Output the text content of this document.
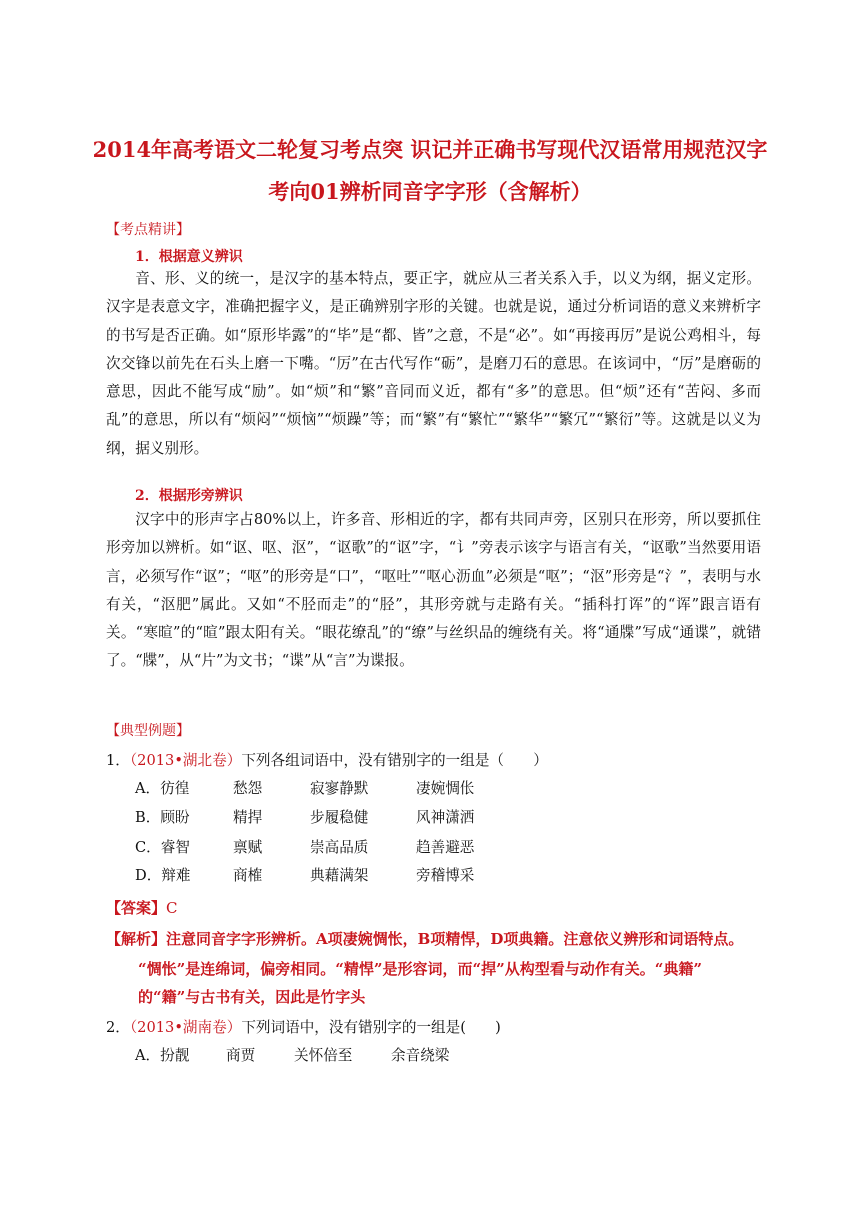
2014年高考语文二轮复习考点突 识记并正确书写现代汉语常用规范汉字
考向01辨析同音字字形（含解析）
【考点精讲】
1．根据意义辨识

音、形、义的统一，是汉字的基本特点，要正字，就应从三者关系入手，以义为纲，据义定形。汉字是表意文字，准确把握字义，是正确辨别字形的关键。也就是说，通过分析词语的意义来辨析字的书写是否正确。如“原形毕露”的“毕”是“都、皆”之意，不是“必”。如“再接再厉”是说公鸡相斗，每次交锋以前先在石头上磨一下嘴。“厉”在古代写作“砺”，是磨刀石的意思。在该词中，“厉”是磨砺的意思，因此不能写成“励”。如“烦”和“繁”音同而义近，都有“多”的意思。但“烦”还有“苦闷、多而乱”的意思，所以有“烦闷”“烦恼”“烦躁”等；而“繁”有“繁忙”“繁华”“繁冗”“繁衍”等。这就是以义为纲，据义别形。

2．根据形旁辨识

汉字中的形声字占80%以上，许多音、形相近的字，都有共同声旁，区别只在形旁，所以要抓住形旁加以辨析。如“讴、呕、沤”，“讴歌”的“讴”字，“讠”旁表示该字与语言有关，“讴歌”当然要用语言，必须写作“讴”；“呕”的形旁是“口”，“呕吐”“呕心沥血”必须是“呕”；“沤”形旁是“氵”，表明与水有关，“沤肥”属此。又如“不胫而走”的“胫”，其形旁就与走路有关。“插科打诨”的“诨”跟言语有关。“寒暄”的“暄”跟太阳有关。“眼花缭乱”的“缭”与丝织品的缠绕有关。将“通牒”写成“通谍”，就错了。“牒”，从“片”为文书；“谍”从“言”为谍报。

【典型例题】
1．（2013•湖北卷）下列各组词语中，没有错别字的一组是（　　）
A．彷徨	愁怨	寂寥静默	凄婉惆伥
B．顾盼	精捍	步履稳健	风神潇洒
C．睿智	禀赋	崇高品质	趋善避恶
D．辩难	商榷	典藉满架	旁稽博采
【答案】C
【解析】注意同音字字形辨析。A项凄婉惆怅，B项精悍，D项典籍。注意依义辨形和词语特点。
“惆怅”是连绵词，偏旁相同。“精悍”是形容词，而“捍”从构型看与动作有关。“典籍”
的“籍”与古书有关，因此是竹字头
2．（2013•湖南卷）下列词语中，没有错别字的一组是(　　)
A．扮靓	商贾	关怀倍至	余音绕梁
